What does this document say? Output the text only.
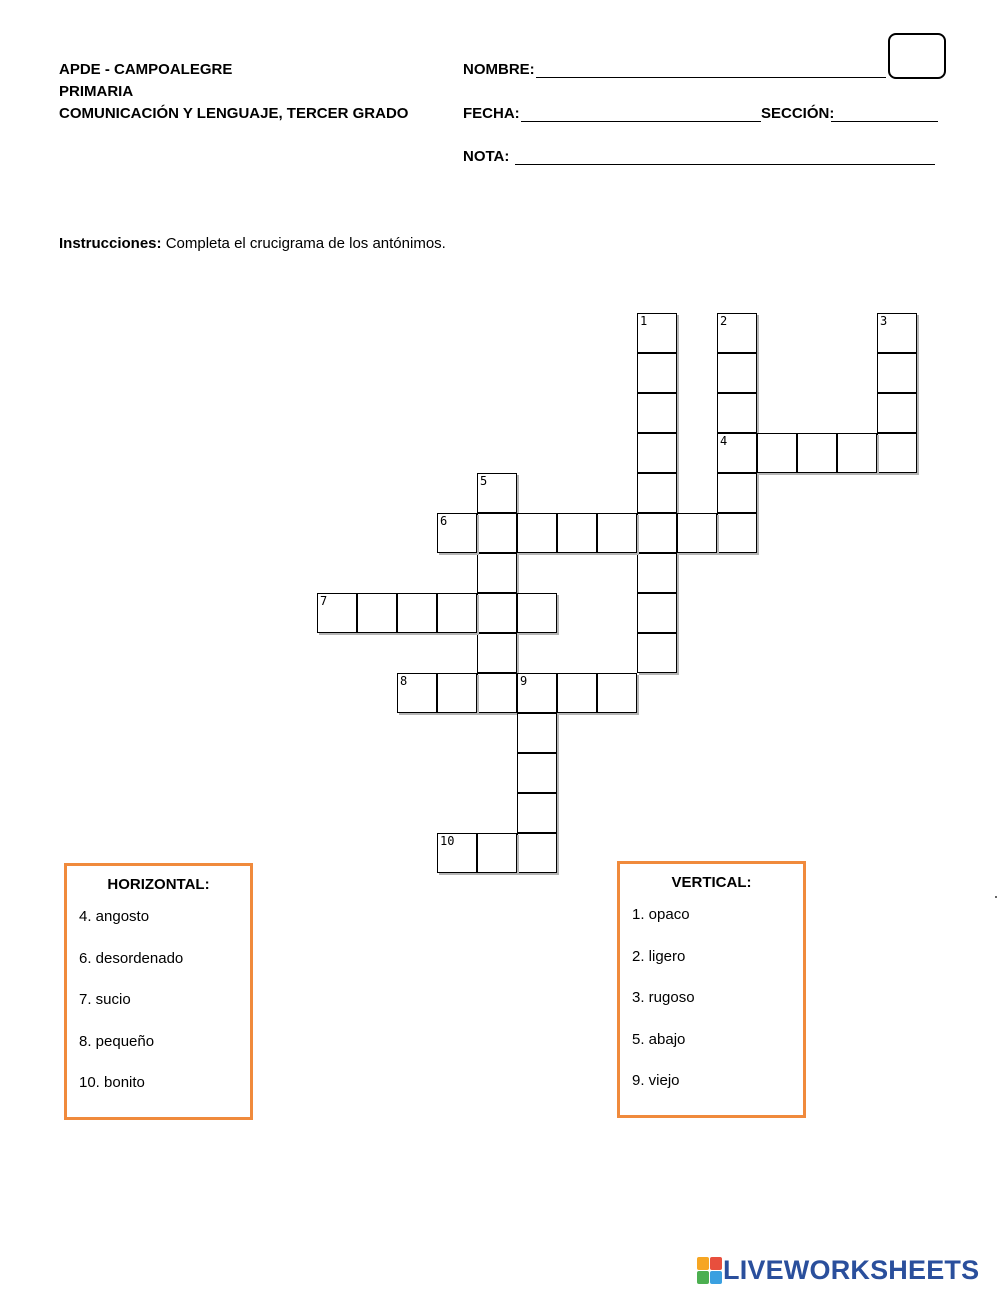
APDE - CAMPOALEGRE
PRIMARIA
COMUNICACIÓN Y LENGUAJE, TERCER GRADO
NOMBRE:
FECHA:	SECCIÓN:
NOTA:
Instrucciones: Completa el crucigrama de los antónimos.
1	2
4
3
5
6
7
8	9
10
HORIZONTAL:
4. angosto
6. desordenado
7. sucio
8. pequeño
10. bonito
VERTICAL:
1. opaco
2. ligero
3. rugoso
5. abajo
9. viejo
LIVEWORKSHEETS
